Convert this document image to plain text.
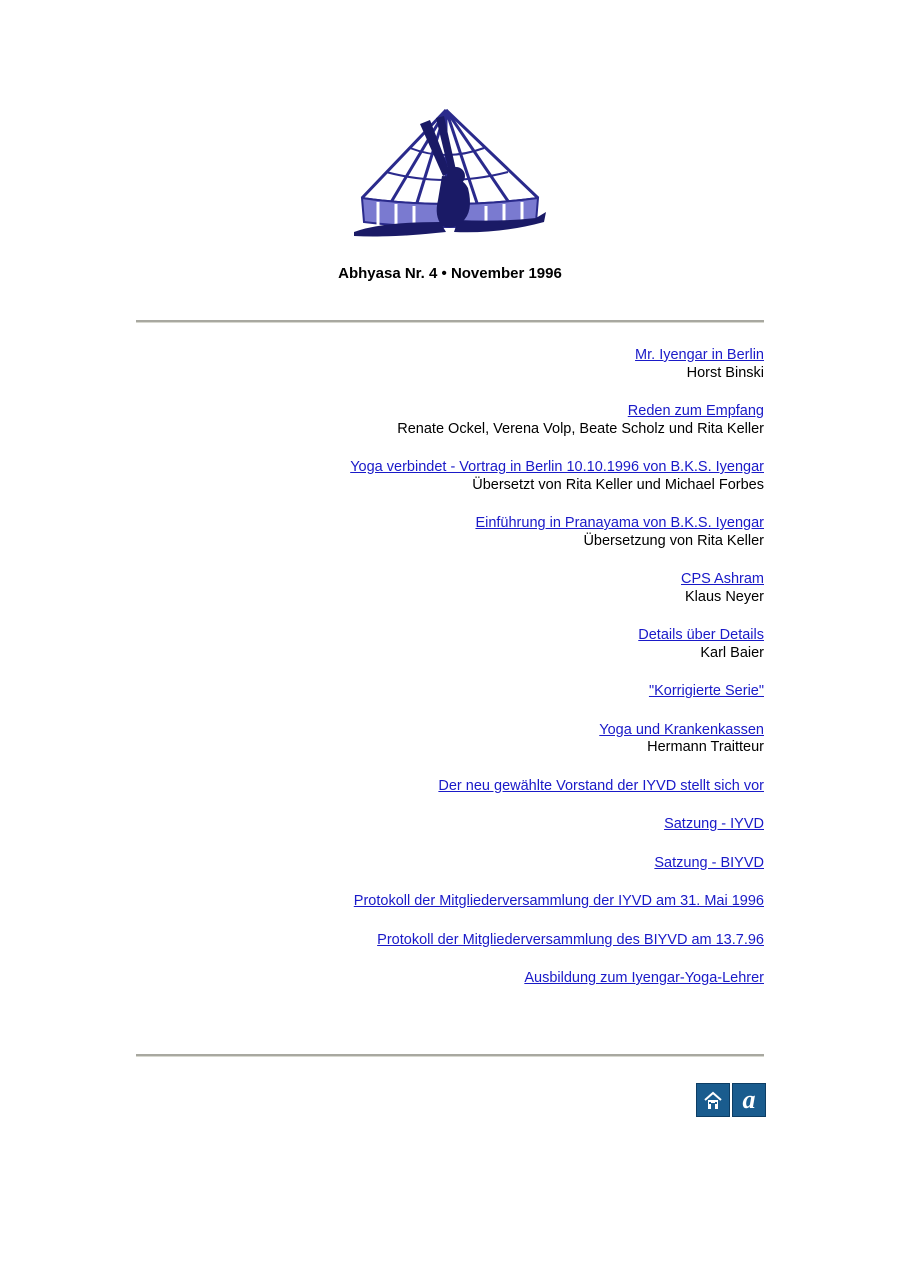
Abhyasa Nr. 4 • November 1996
Mr. Iyengar in Berlin
Horst Binski
Reden zum Empfang
Renate Ockel, Verena Volp, Beate Scholz und Rita Keller
Yoga verbindet - Vortrag in Berlin 10.10.1996 von B.K.S. Iyengar
Übersetzt von Rita Keller und Michael Forbes
Einführung in Pranayama von B.K.S. Iyengar
Übersetzung von Rita Keller
CPS Ashram
Klaus Neyer
Details über Details
Karl Baier
"Korrigierte Serie"
Yoga und Krankenkassen
Hermann Traitteur
Der neu gewählte Vorstand der IYVD stellt sich vor
Satzung - IYVD
Satzung - BIYVD
Protokoll der Mitgliederversammlung der IYVD am 31. Mai 1996
Protokoll der Mitgliederversammlung des BIYVD am 13.7.96
Ausbildung zum Iyengar-Yoga-Lehrer
a
